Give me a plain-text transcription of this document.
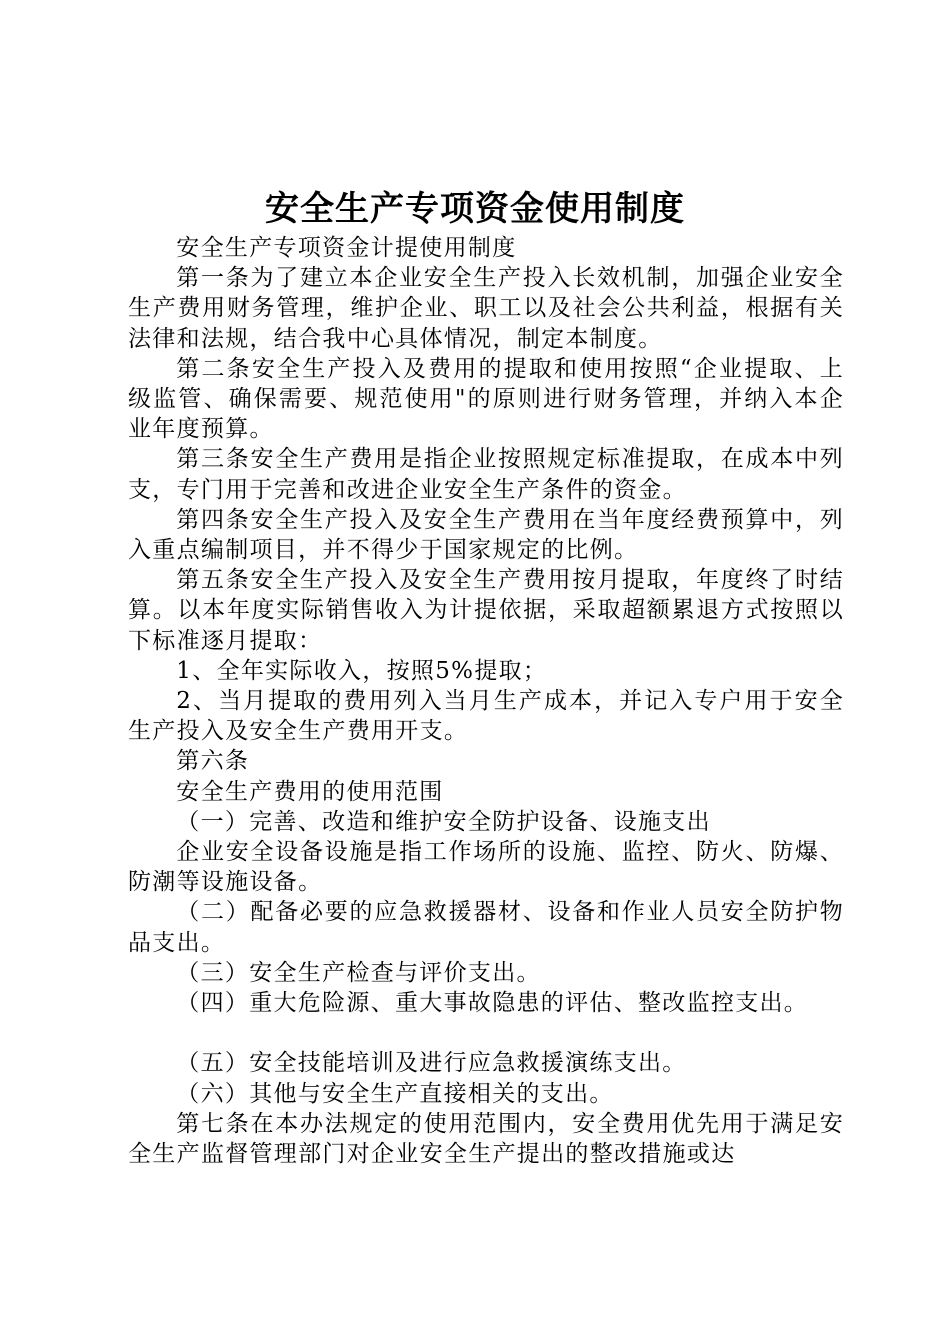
安全生产专项资金使用制度

安全生产专项资金计提使用制度

第一条为了建立本企业安全生产投入长效机制，加强企业安全生产费用财务管理，维护企业、职工以及社会公共利益，根据有关法律和法规，结合我中心具体情况，制定本制度。

第二条安全生产投入及费用的提取和使用按照“企业提取、上级监管、确保需要、规范使用"的原则进行财务管理，并纳入本企业年度预算。

第三条安全生产费用是指企业按照规定标准提取，在成本中列支，专门用于完善和改进企业安全生产条件的资金。

第四条安全生产投入及安全生产费用在当年度经费预算中，列入重点编制项目，并不得少于国家规定的比例。

第五条安全生产投入及安全生产费用按月提取，年度终了时结算。以本年度实际销售收入为计提依据，采取超额累退方式按照以下标准逐月提取：

1、全年实际收入，按照5%提取；

2、当月提取的费用列入当月生产成本，并记入专户用于安全生产投入及安全生产费用开支。

第六条

安全生产费用的使用范围

（一）完善、改造和维护安全防护设备、设施支出

企业安全设备设施是指工作场所的设施、监控、防火、防爆、防潮等设施设备。

（二）配备必要的应急救援器材、设备和作业人员安全防护物品支出。

（三）安全生产检查与评价支出。

（四）重大危险源、重大事故隐患的评估、整改监控支出。

（五）安全技能培训及进行应急救援演练支出。

（六）其他与安全生产直接相关的支出。

第七条在本办法规定的使用范围内，安全费用优先用于满足安全生产监督管理部门对企业安全生产提出的整改措施或达
